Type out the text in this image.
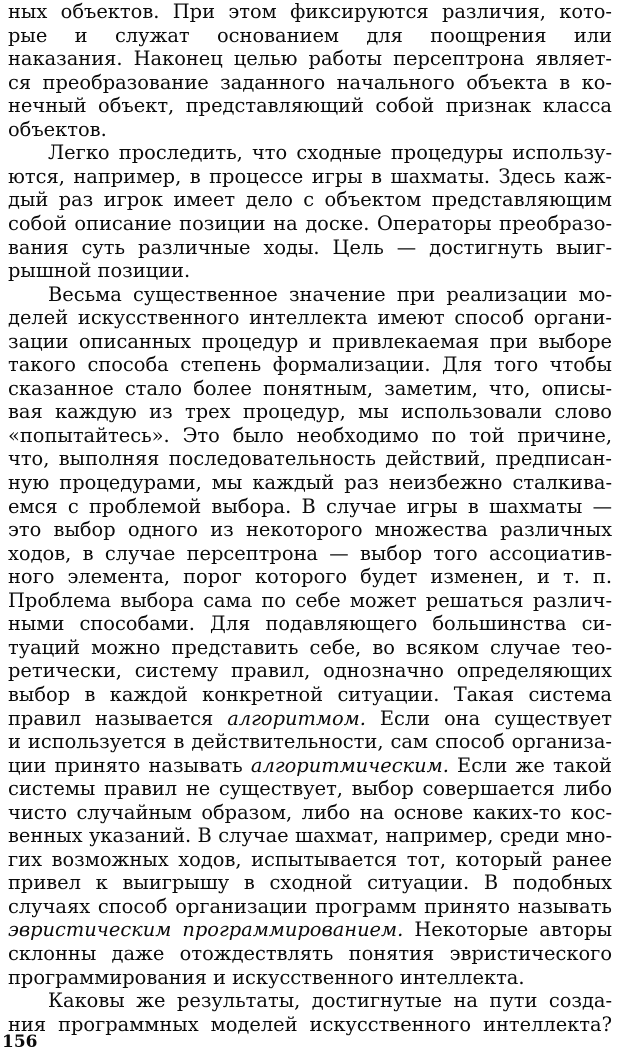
ных объектов. При этом фиксируются различия, кото-
рые и служат основанием для поощрения или
наказания. Наконец целью работы персептрона являет-
ся преобразование заданного начального объекта в ко-
нечный объект, представляющий собой признак класса
объектов.
Легко проследить, что сходные процедуры использу-
ются, например, в процессе игры в шахматы. Здесь каж-
дый раз игрок имеет дело с объектом представляющим
собой описание позиции на доске. Операторы преобразо-
вания суть различные ходы. Цель — достигнуть выиг-
рышной позиции.
Весьма существенное значение при реализации мо-
делей искусственного интеллекта имеют способ органи-
зации описанных процедур и привлекаемая при выборе
такого способа степень формализации. Для того чтобы
сказанное стало более понятным, заметим, что, описы-
вая каждую из трех процедур, мы использовали слово
«попытайтесь». Это было необходимо по той причине,
что, выполняя последовательность действий, предписан-
ную процедурами, мы каждый раз неизбежно сталкива-
емся с проблемой выбора. В случае игры в шахматы —
это выбор одного из некоторого множества различных
ходов, в случае персептрона — выбор того ассоциатив-
ного элемента, порог которого будет изменен, и т. п.
Проблема выбора сама по себе может решаться различ-
ными способами. Для подавляющего большинства си-
туаций можно представить себе, во всяком случае тео-
ретически, систему правил, однозначно определяющих
выбор в каждой конкретной ситуации. Такая система
правил называется алгоритмом. Если она существует
и используется в действительности, сам способ организа-
ции принято называть алгоритмическим. Если же такой
системы правил не существует, выбор совершается либо
чисто случайным образом, либо на основе каких-то кос-
венных указаний. В случае шахмат, например, среди мно-
гих возможных ходов, испытывается тот, который ранее
привел к выигрышу в сходной ситуации. В подобных
случаях способ организации программ принято называть
эвристическим программированием. Некоторые авторы
склонны даже отождествлять понятия эвристического
программирования и искусственного интеллекта.
Каковы же результаты, достигнутые на пути созда-
ния программных моделей искусственного интеллекта?
156
